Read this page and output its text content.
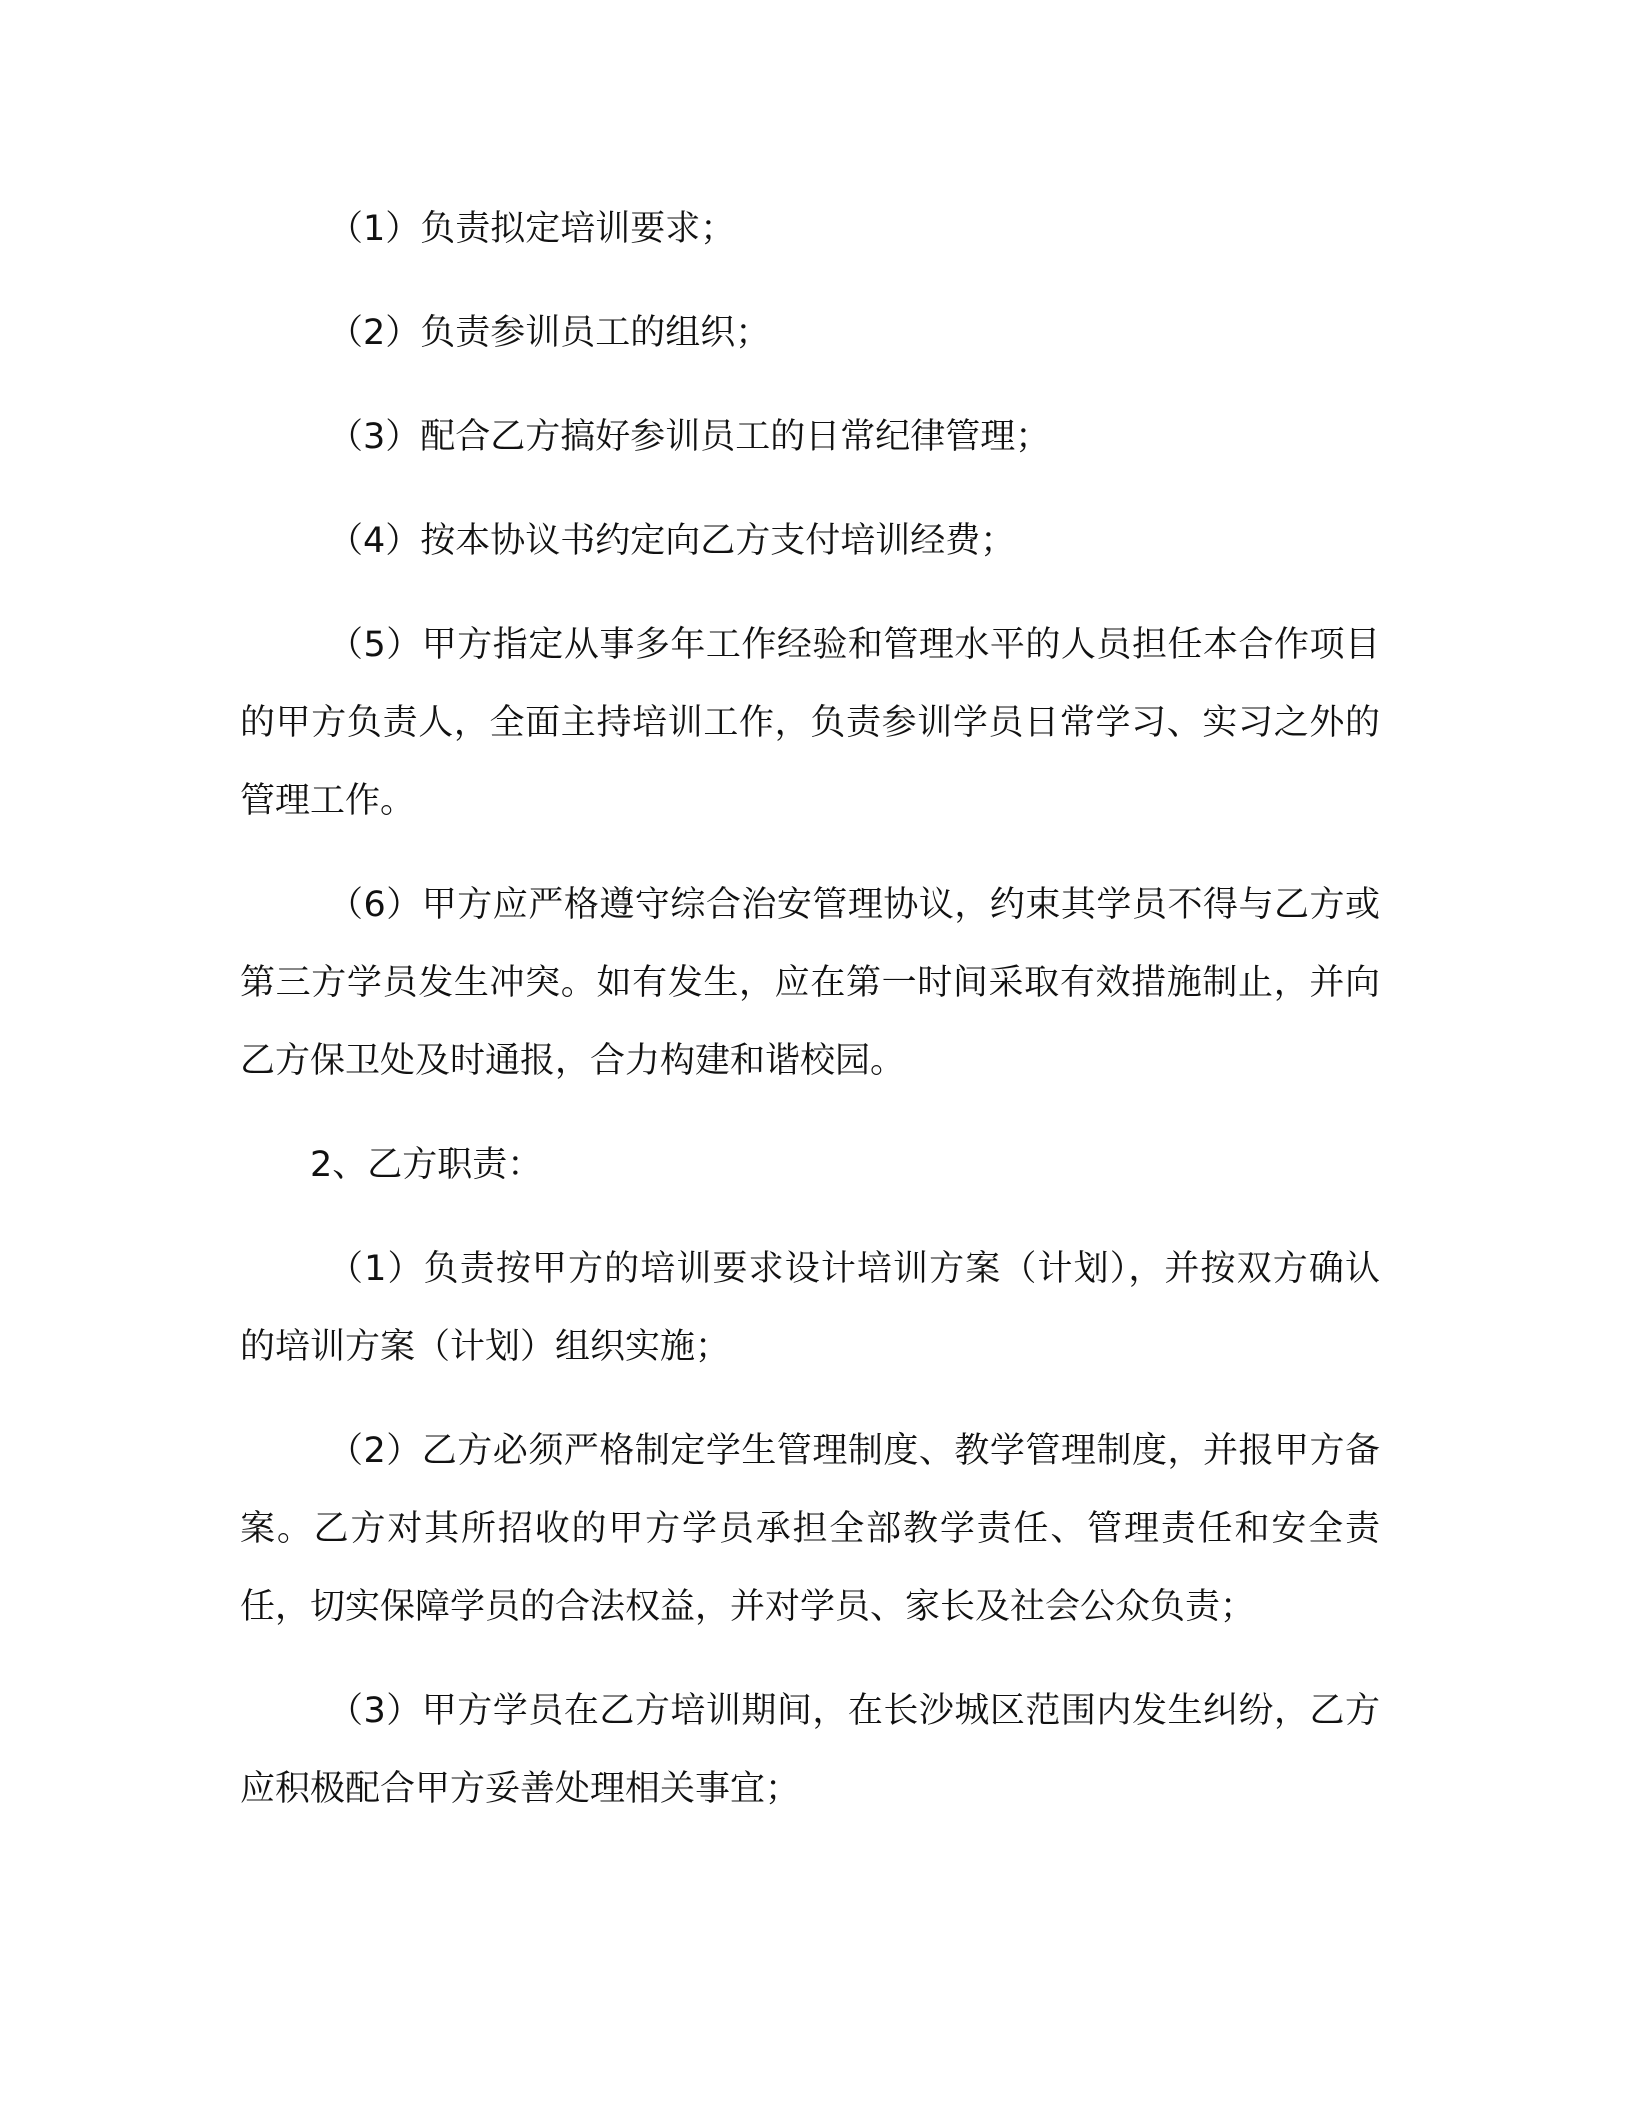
（1）负责拟定培训要求；

（2）负责参训员工的组织；

（3）配合乙方搞好参训员工的日常纪律管理；

（4）按本协议书约定向乙方支付培训经费；

（5）甲方指定从事多年工作经验和管理水平的人员担任本合作项目的甲方负责人，全面主持培训工作，负责参训学员日常学习、实习之外的管理工作。

（6）甲方应严格遵守综合治安管理协议，约束其学员不得与乙方或第三方学员发生冲突。如有发生，应在第一时间采取有效措施制止，并向乙方保卫处及时通报，合力构建和谐校园。

2、乙方职责：

（1）负责按甲方的培训要求设计培训方案（计划），并按双方确认的培训方案（计划）组织实施；

（2）乙方必须严格制定学生管理制度、教学管理制度，并报甲方备案。乙方对其所招收的甲方学员承担全部教学责任、管理责任和安全责任，切实保障学员的合法权益，并对学员、家长及社会公众负责；

（3）甲方学员在乙方培训期间，在长沙城区范围内发生纠纷，乙方应积极配合甲方妥善处理相关事宜；
